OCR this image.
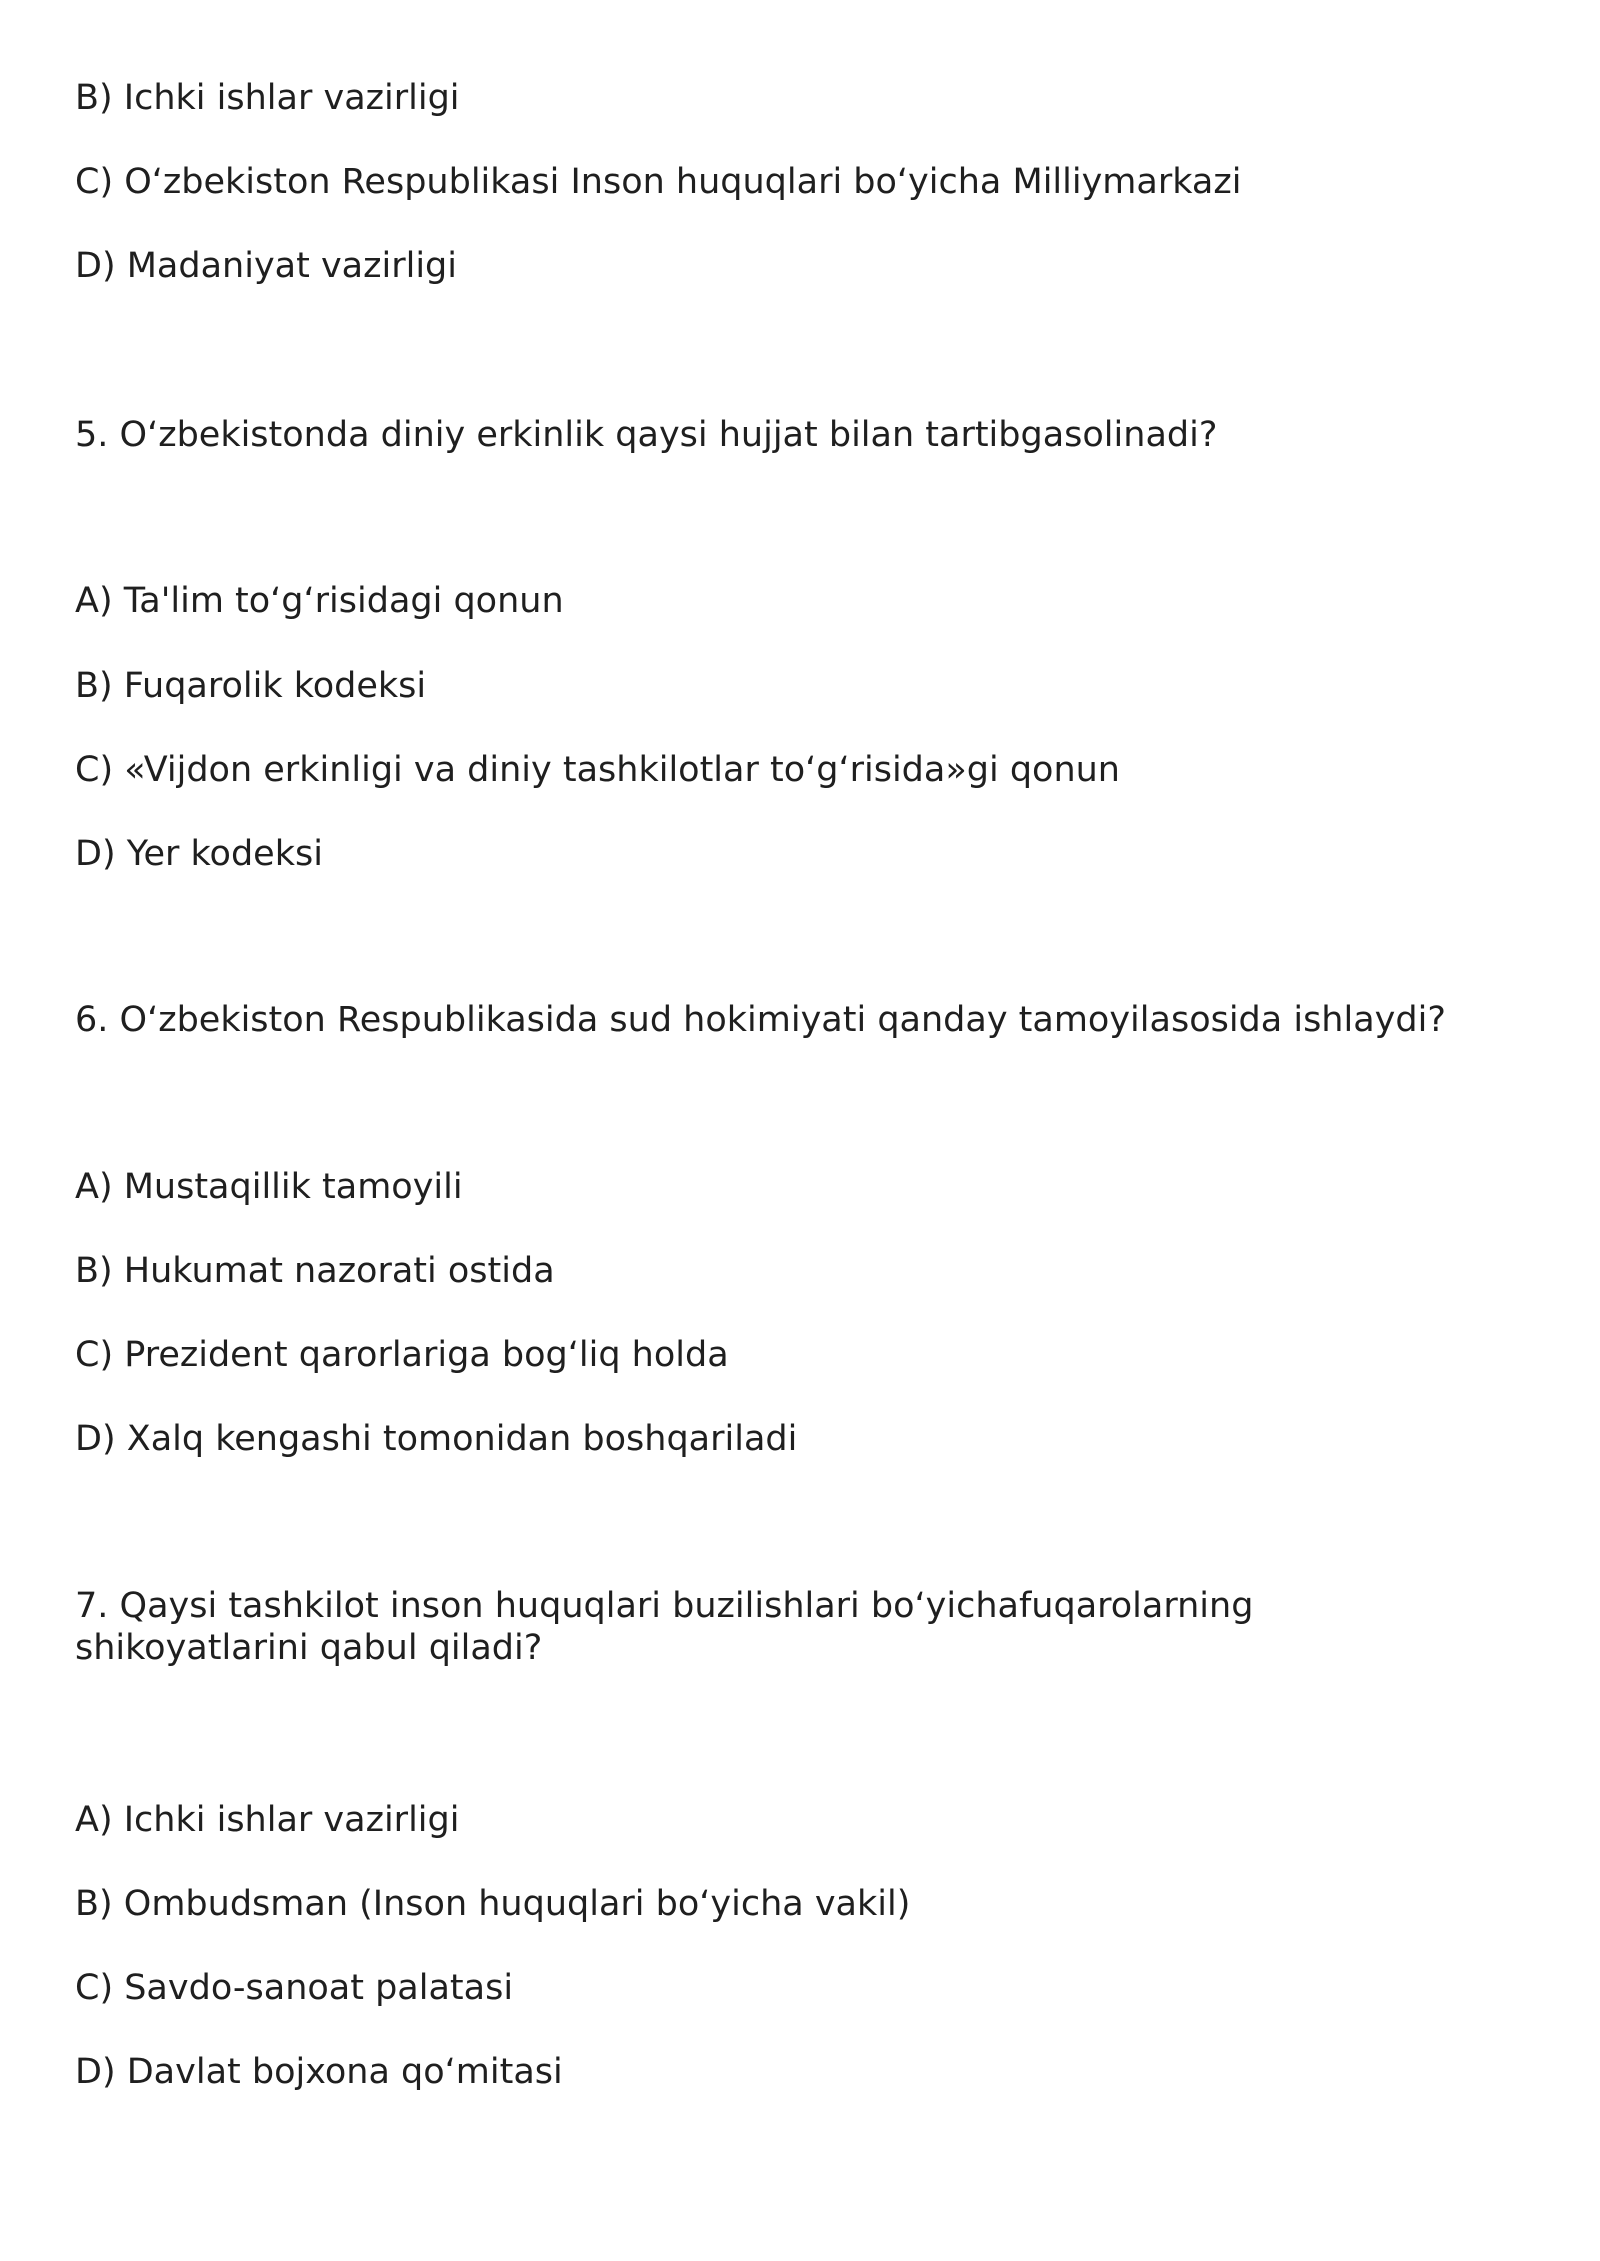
B) Ichki ishlar vazirligi
C) O‘zbekiston Respublikasi Inson huquqlari bo‘yicha Milliymarkazi
D) Madaniyat vazirligi
5. O‘zbekistonda diniy erkinlik qaysi hujjat bilan tartibgasolinadi?
A) Ta'lim to‘g‘risidagi qonun
B) Fuqarolik kodeksi
C) «Vijdon erkinligi va diniy tashkilotlar to‘g‘risida»gi qonun
D) Yer kodeksi
6. O‘zbekiston Respublikasida sud hokimiyati qanday tamoyilasosida ishlaydi?
A) Mustaqillik tamoyili
B) Hukumat nazorati ostida
C) Prezident qarorlariga bog‘liq holda
D) Xalq kengashi tomonidan boshqariladi
7. Qaysi tashkilot inson huquqlari buzilishlari bo‘yichafuqarolarning shikoyatlarini qabul qiladi?
A) Ichki ishlar vazirligi
B) Ombudsman (Inson huquqlari bo‘yicha vakil)
C) Savdo-sanoat palatasi
D) Davlat bojxona qo‘mitasi
